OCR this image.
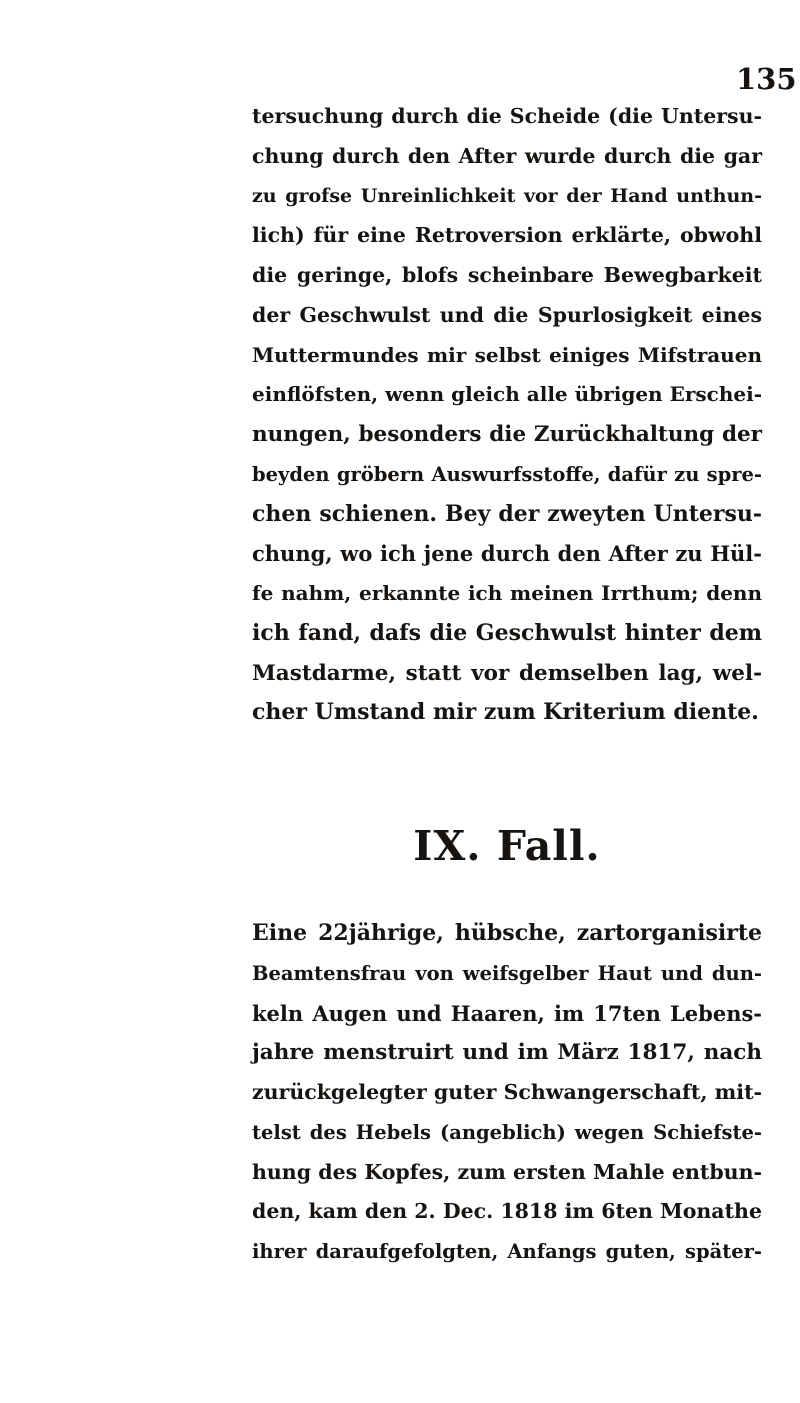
135
tersuchung durch die Scheide (die Untersu-
chung durch den After wurde durch die gar
zu grofse Unreinlichkeit vor der Hand unthun-
lich) für eine Retroversion erklärte, obwohl
die geringe, blofs scheinbare Bewegbarkeit
der Geschwulst und die Spurlosigkeit eines
Muttermundes mir selbst einiges Mifstrauen
einflöfsten, wenn gleich alle übrigen Erschei-
nungen, besonders die Zurückhaltung der
beyden gröbern Auswurfsstoffe, dafür zu spre-
chen schienen. Bey der zweyten Untersu-
chung, wo ich jene durch den After zu Hül-
fe nahm, erkannte ich meinen Irrthum; denn
ich fand, dafs die Geschwulst hinter dem
Mastdarme, statt vor demselben lag, wel-
cher Umstand mir zum Kriterium diente.
IX. Fall.
Eine 22jährige, hübsche, zartorganisirte
Beamtensfrau von weifsgelber Haut und dun-
keln Augen und Haaren, im 17ten Lebens-
jahre menstruirt und im März 1817, nach
zurückgelegter guter Schwangerschaft, mit-
telst des Hebels (angeblich) wegen Schiefste-
hung des Kopfes, zum ersten Mahle entbun-
den, kam den 2. Dec. 1818 im 6ten Monathe
ihrer daraufgefolgten, Anfangs guten, später-
